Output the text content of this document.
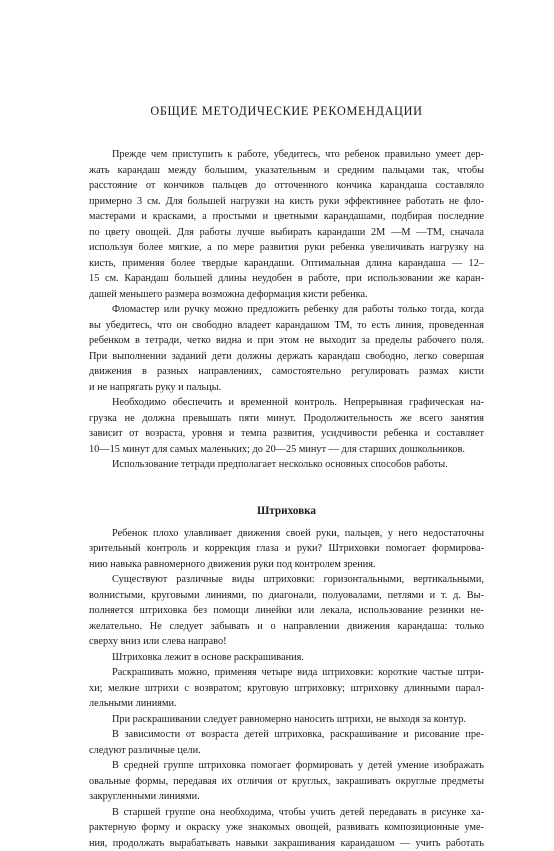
ОБЩИЕ МЕТОДИЧЕСКИЕ РЕКОМЕНДАЦИИ

Прежде чем приступить к работе, убедитесь, что ребенок правильно умеет дер-
жать карандаш между большим, указательным и средним пальцами так, чтобы
расстояние от кончиков пальцев до отточенного кончика карандаша составляло
примерно 3 см. Для большей нагрузки на кисть руки эффективнее работать не фло-
мастерами и красками, а простыми и цветными карандашами, подбирая последние
по цвету овощей. Для работы лучше выбирать карандаши 2М —М —ТМ, сначала
используя более мягкие, а по мере развития руки ребенка увеличивать нагрузку на
кисть, применяя более твердые карандаши. Оптимальная длина карандаша — 12–
15 см. Карандаш большей длины неудобен в работе, при использовании же каран-
дашей меньшего размера возможна деформация кисти ребенка.

Фломастер или ручку можно предложить ребенку для работы только тогда, когда
вы убедитесь, что он свободно владеет карандашом ТМ, то есть линия, проведенная
ребенком в тетради, четко видна и при этом не выходит за пределы рабочего поля.
При выполнении заданий дети должны держать карандаш свободно, легко совершая
движения в разных направлениях, самостоятельно регулировать размах кисти
и не напрягать руку и пальцы.

Необходимо обеспечить и временной контроль. Непрерывная графическая на-
грузка не должна превышать пяти минут. Продолжительность же всего занятия
зависит от возраста, уровня и темпа развития, усидчивости ребенка и составляет
10—15 минут для самых маленьких; до 20—25 минут — для старших дошкольников.

Использование тетради предполагает несколько основных способов работы.

Штриховка

Ребенок плохо улавливает движения своей руки, пальцев, у него недостаточны
зрительный контроль и коррекция глаза и руки? Штриховки помогает формирова-
нию навыка равномерного движения руки под контролем зрения.

Существуют различные виды штриховки: горизонтальными, вертикальными,
волнистыми, круговыми линиями, по диагонали, полуовалами, петлями и т. д. Вы-
полняется штриховка без помощи линейки или лекала, использование резинки не-
желательно. Не следует забывать и о направлении движения карандаша: только
сверху вниз или слева направо!

Штриховка лежит в основе раскрашивания.

Раскрашивать можно, применяя четыре вида штриховки: короткие частые штри-
хи; мелкие штрихи с возвратом; круговую штриховку; штриховку длинными парал-
лельными линиями.

При раскрашивании следует равномерно наносить штрихи, не выходя за контур.

В зависимости от возраста детей штриховка, раскрашивание и рисование пре-
следуют различные цели.

В средней группе штриховка помогает формировать у детей умение изображать
овальные формы, передавая их отличия от круглых, закрашивать округлые предметы
закругленными линиями.

В старшей группе она необходима, чтобы учить детей передавать в рисунке ха-
рактерную форму и окраску уже знакомых овощей, развивать композиционные уме-
ния, продолжать вырабатывать навыки закрашивания карандашом — учить работать
